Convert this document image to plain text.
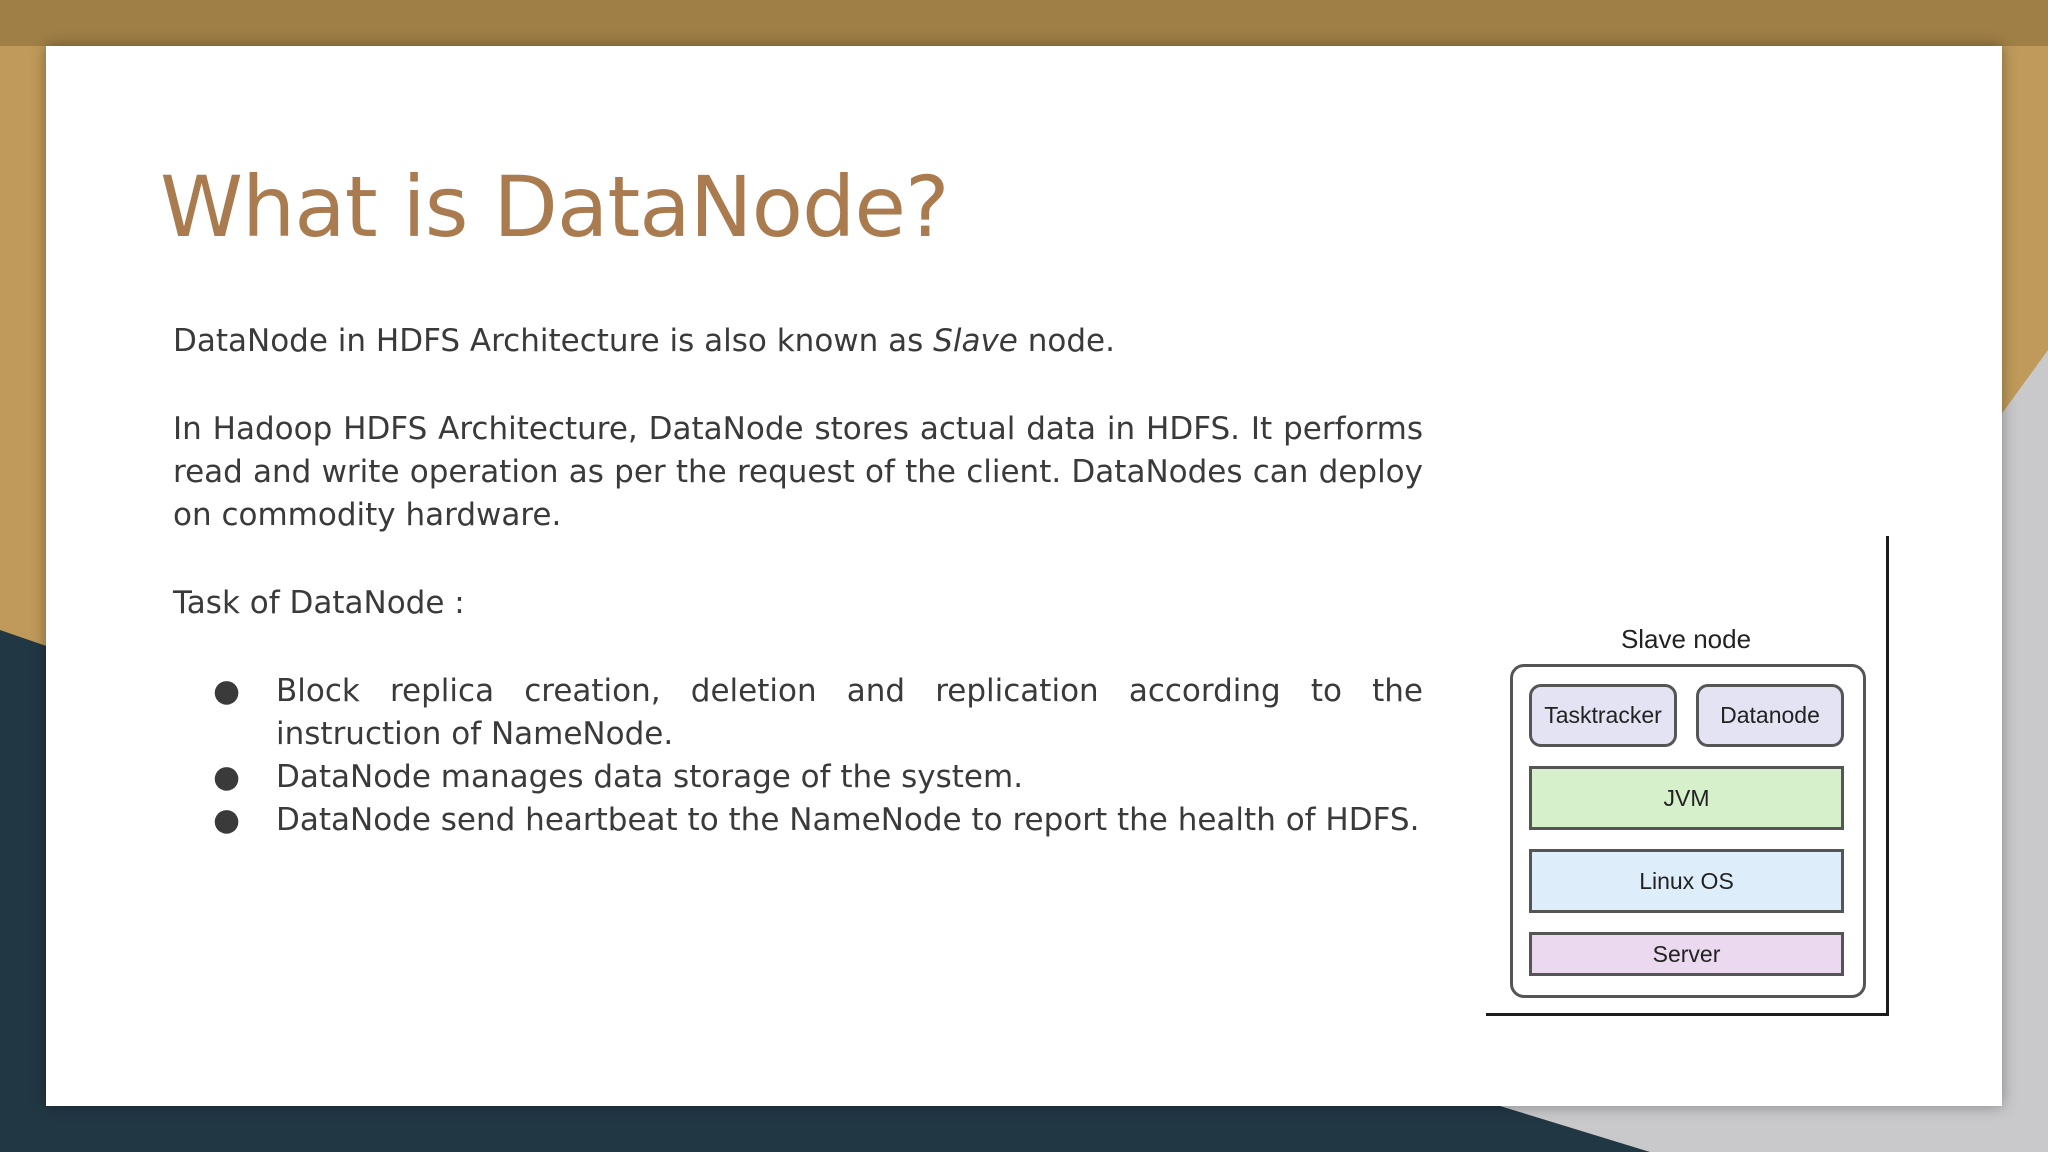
What is DataNode?

DataNode in HDFS Architecture is also known as Slave node.

In Hadoop HDFS Architecture, DataNode stores actual data in HDFS. It performs read and write operation as per the request of the client. DataNodes can deploy on commodity hardware.

Task of DataNode :

● Block replica creation, deletion and replication according to the instruction of NameNode.
● DataNode manages data storage of the system.
● DataNode send heartbeat to the NameNode to report the health of HDFS.
Slave node
Tasktracker	Datanode
JVM
Linux OS
Server
